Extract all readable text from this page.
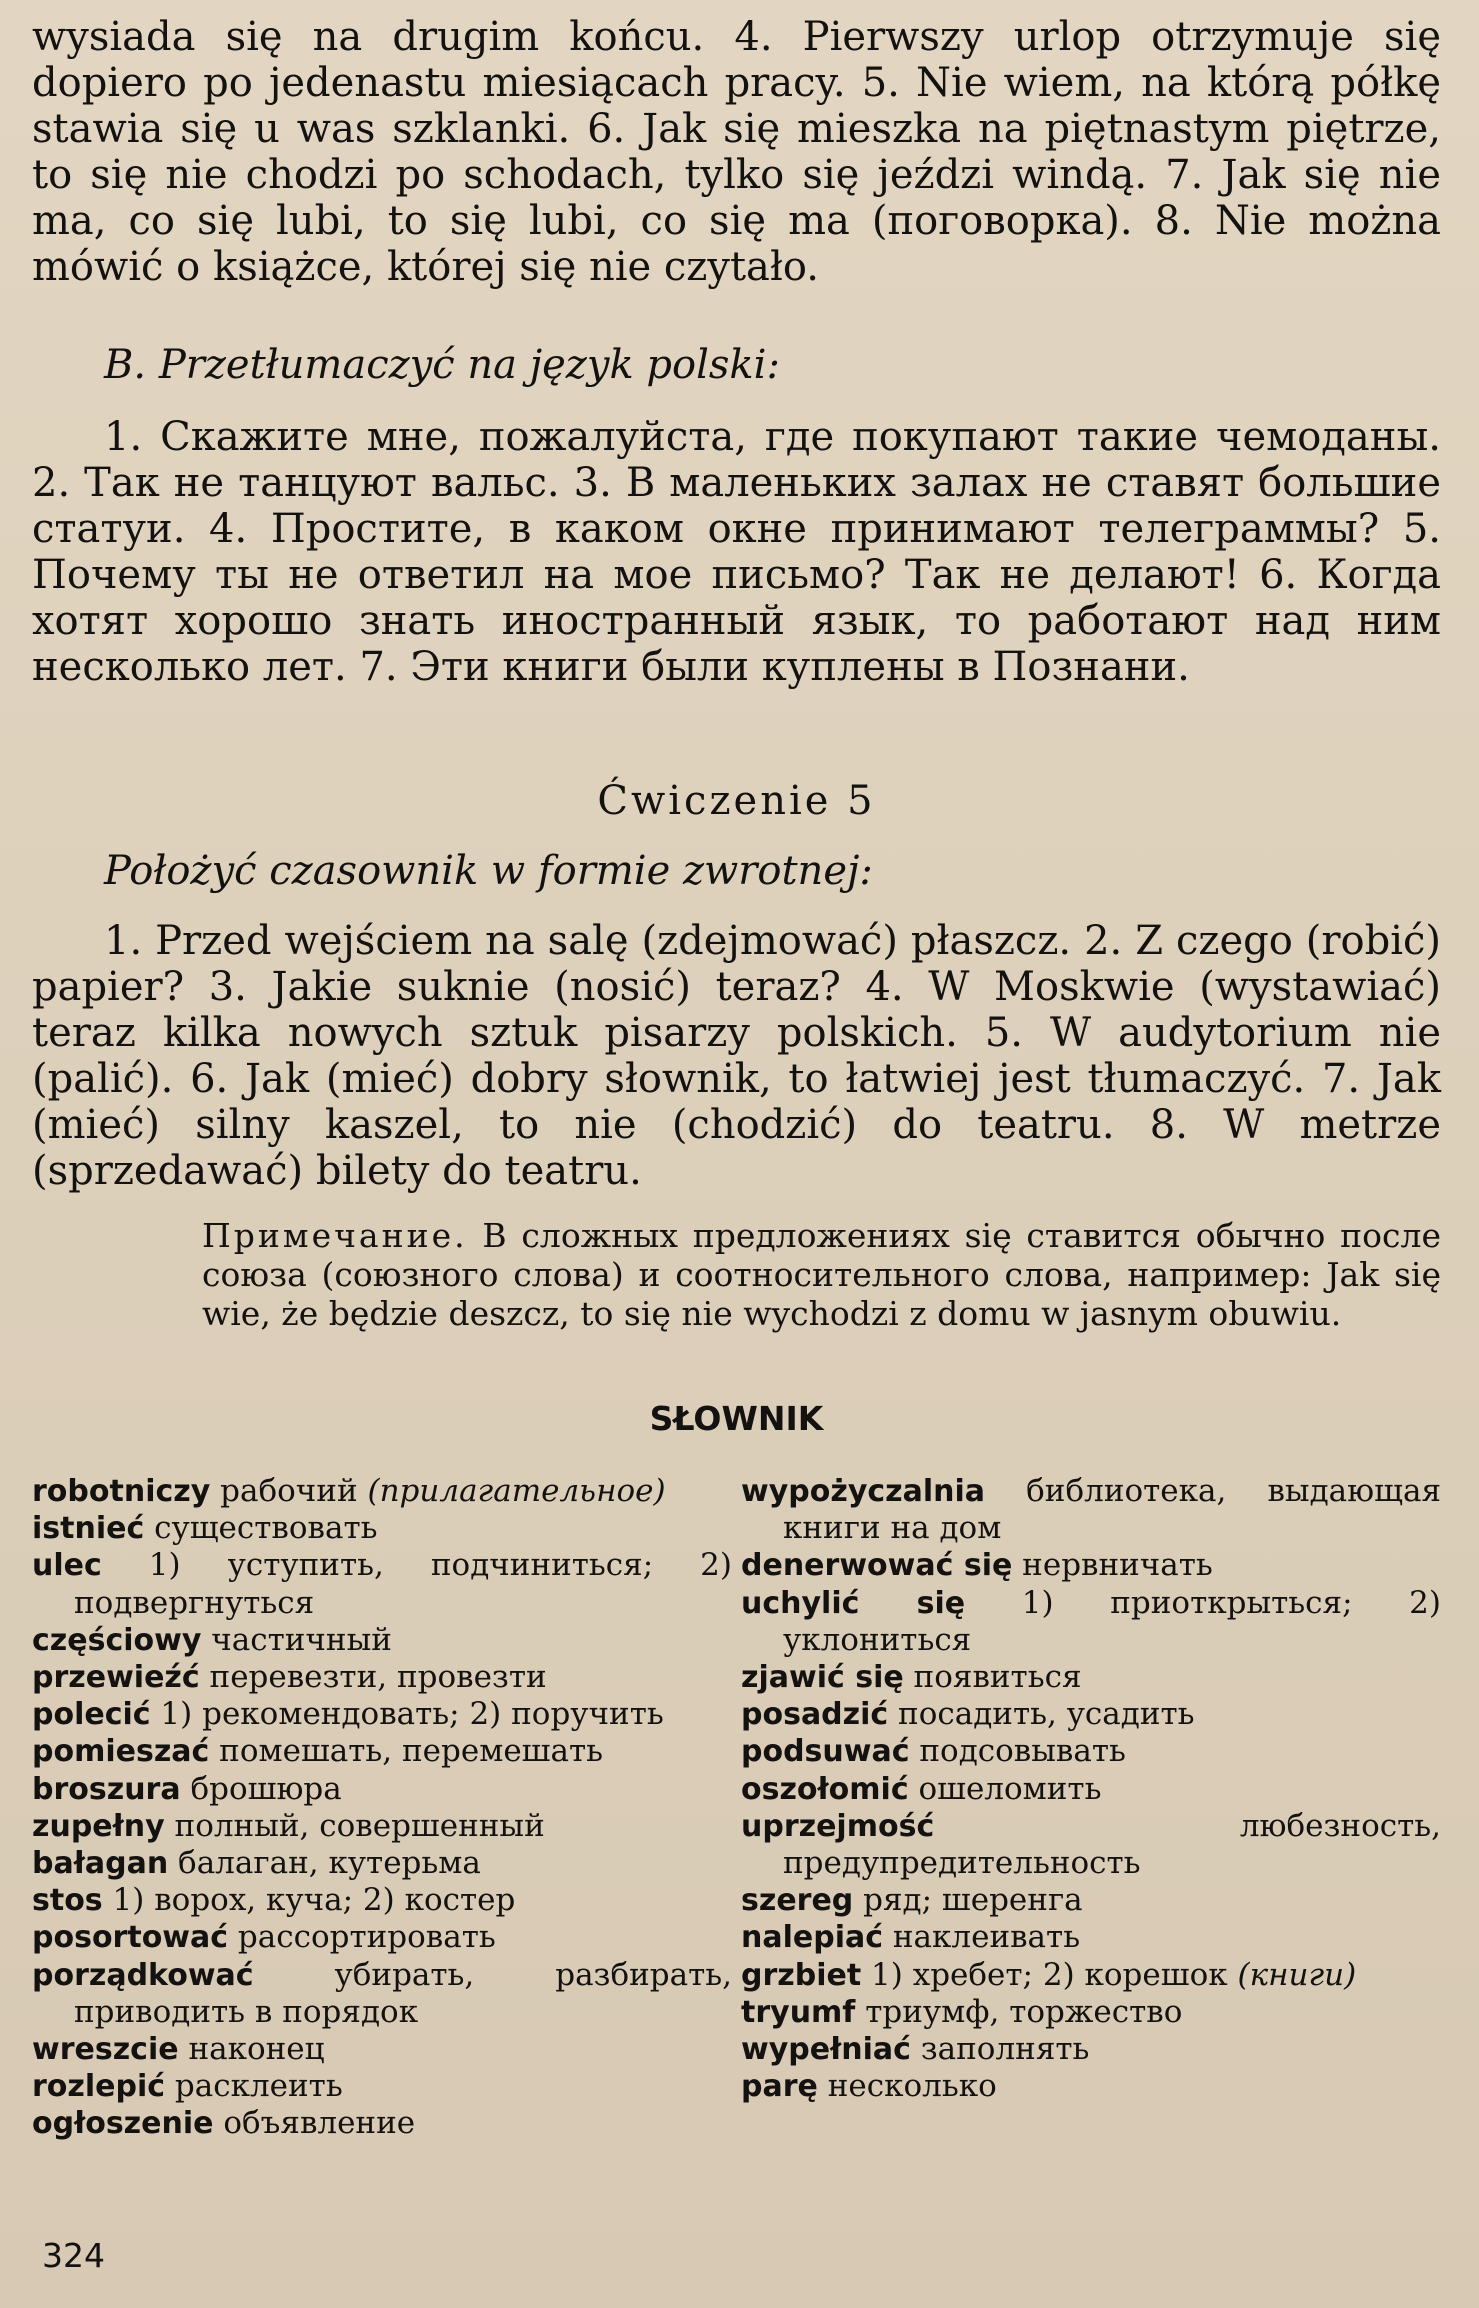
wysiada się na drugim końcu. 4. Pierwszy urlop otrzymuje się dopiero po jedenastu miesiącach pracy. 5. Nie wiem, na którą półkę stawia się u was szklanki. 6. Jak się mieszka na piętnastym piętrze, to się nie chodzi po schodach, tylko się jeździ windą. 7. Jak się nie ma, co się lubi, to się lubi, co się ma (поговорка). 8. Nie można mówić o książce, której się nie czytało.

B. Przetłumaczyć na język polski:

1. Скажите мне, пожалуйста, где покупают такие чемоданы. 2. Так не танцуют вальс. 3. В маленьких залах не ставят большие статуи. 4. Простите, в каком окне принимают телеграммы? 5. Почему ты не ответил на мое письмо? Так не делают! 6. Когда хотят хорошо знать иностранный язык, то работают над ним несколько лет. 7. Эти книги были куплены в Познани.

Ćwiczenie 5

Położyć czasownik w formie zwrotnej:

1. Przed wejściem na salę (zdejmować) płaszcz. 2. Z czego (robić) papier? 3. Jakie suknie (nosić) teraz? 4. W Moskwie (wystawiać) teraz kilka nowych sztuk pisarzy polskich. 5. W audytorium nie (palić). 6. Jak (mieć) dobry słownik, to łatwiej jest tłumaczyć. 7. Jak (mieć) silny kaszel, to nie (chodzić) do teatru. 8. W metrze (sprzedawać) bilety do teatru.

Примечание. В сложных предложениях się ставится обычно после союза (союзного слова) и соотносительного слова, например: Jak się wie, że będzie deszcz, to się nie wychodzi z domu w jasnym obuwiu.

SŁOWNIK

robotniczy рабочий (прилагательное)
istnieć существовать
ulec 1) уступить, подчиниться; 2) подвергнуться
częściowy частичный
przewieźć перевезти, провезти
polecić 1) рекомендовать; 2) поручить
pomieszać помешать, перемешать
broszura брошюра
zupełny полный, совершенный
bałagan балаган, кутерьма
stos 1) ворох, куча; 2) костер
posortować рассортировать
porządkować убирать, разбирать, приводить в порядок
wreszcie наконец
rozlepić расклеить
ogłoszenie объявление
wypożyczalnia библиотека, выдающая книги на дом
denerwować się нервничать
uchylić się 1) приоткрыться; 2) уклониться
zjawić się появиться
posadzić посадить, усадить
podsuwać подсовывать
oszołomić ошеломить
uprzejmość любезность, предупредительность
szereg ряд; шеренга
nalepiać наклеивать
grzbiet 1) хребет; 2) корешок (книги)
tryumf триумф, торжество
wypełniać заполнять
parę несколько
324
